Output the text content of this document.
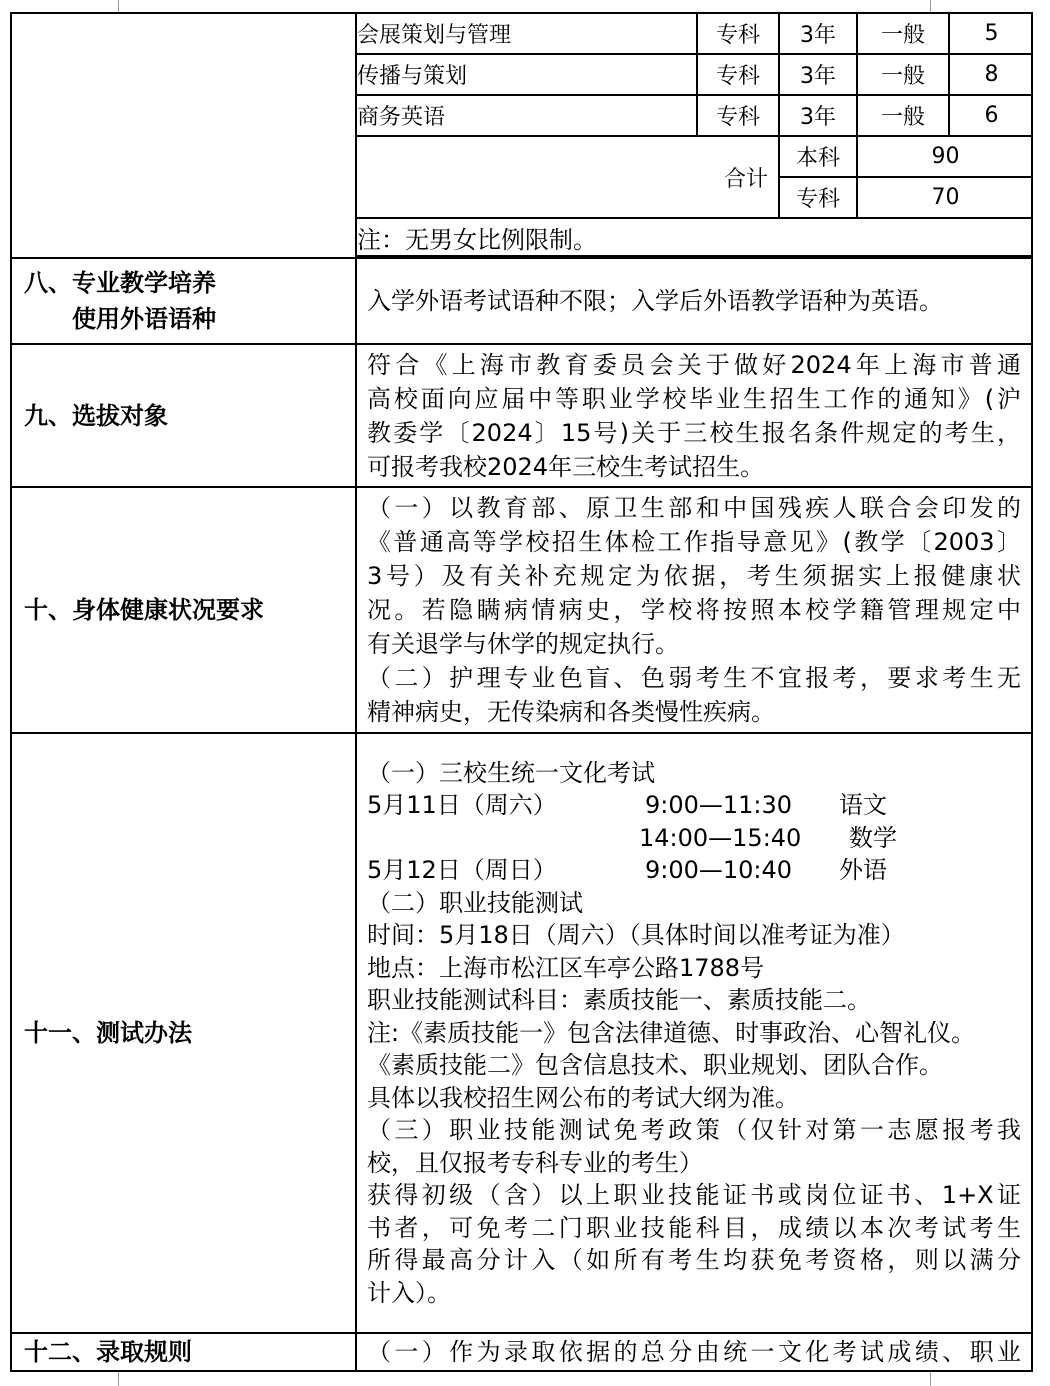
会展策划与管理	专科	3年	一般	5
传播与策划	专科	3年	一般	8
商务英语	专科	3年	一般	6
合计	本科	90
专科	70
注：无男女比例限制。

八、专业教学培养
使用外语语种

入学外语考试语种不限；入学后外语教学语种为英语。

九、选拔对象	

符合《上海市教育委员会关于做好2024年上海市普通

高校面向应届中等职业学校毕业生招生工作的通知》(沪

教委学〔2024〕15号)关于三校生报名条件规定的考生，

可报考我校2024年三校生考试招生。

十、身体健康状况要求	

（一）以教育部、原卫生部和中国残疾人联合会印发的

《普通高等学校招生体检工作指导意见》(教学〔2003〕

3号）及有关补充规定为依据，考生须据实上报健康状

况。若隐瞒病情病史，学校将按照本校学籍管理规定中

有关退学与休学的规定执行。

（二）护理专业色盲、色弱考生不宜报考，要求考生无

精神病史，无传染病和各类慢性疾病。

十一、测试办法	

（一）三校生统一文化考试

5月11日（周六）	9:00—11:30	语文
14:00—15:40	数学
5月12日（周日）	9:00—10:40	外语

（二）职业技能测试

时间：5月18日（周六）（具体时间以准考证为准）

地点：上海市松江区车亭公路1788号

职业技能测试科目：素质技能一、素质技能二。

注:《素质技能一》包含法律道德、时事政治、心智礼仪。

《素质技能二》包含信息技术、职业规划、团队合作。

具体以我校招生网公布的考试大纲为准。

（三）职业技能测试免考政策（仅针对第一志愿报考我

校，且仅报考专科专业的考生）

获得初级（含）以上职业技能证书或岗位证书、1+X证

书者，可免考二门职业技能科目，成绩以本次考试考生

所得最高分计入（如所有考生均获免考资格，则以满分

计入）。

十二、录取规则	（一）作为录取依据的总分由统一文化考试成绩、职业
